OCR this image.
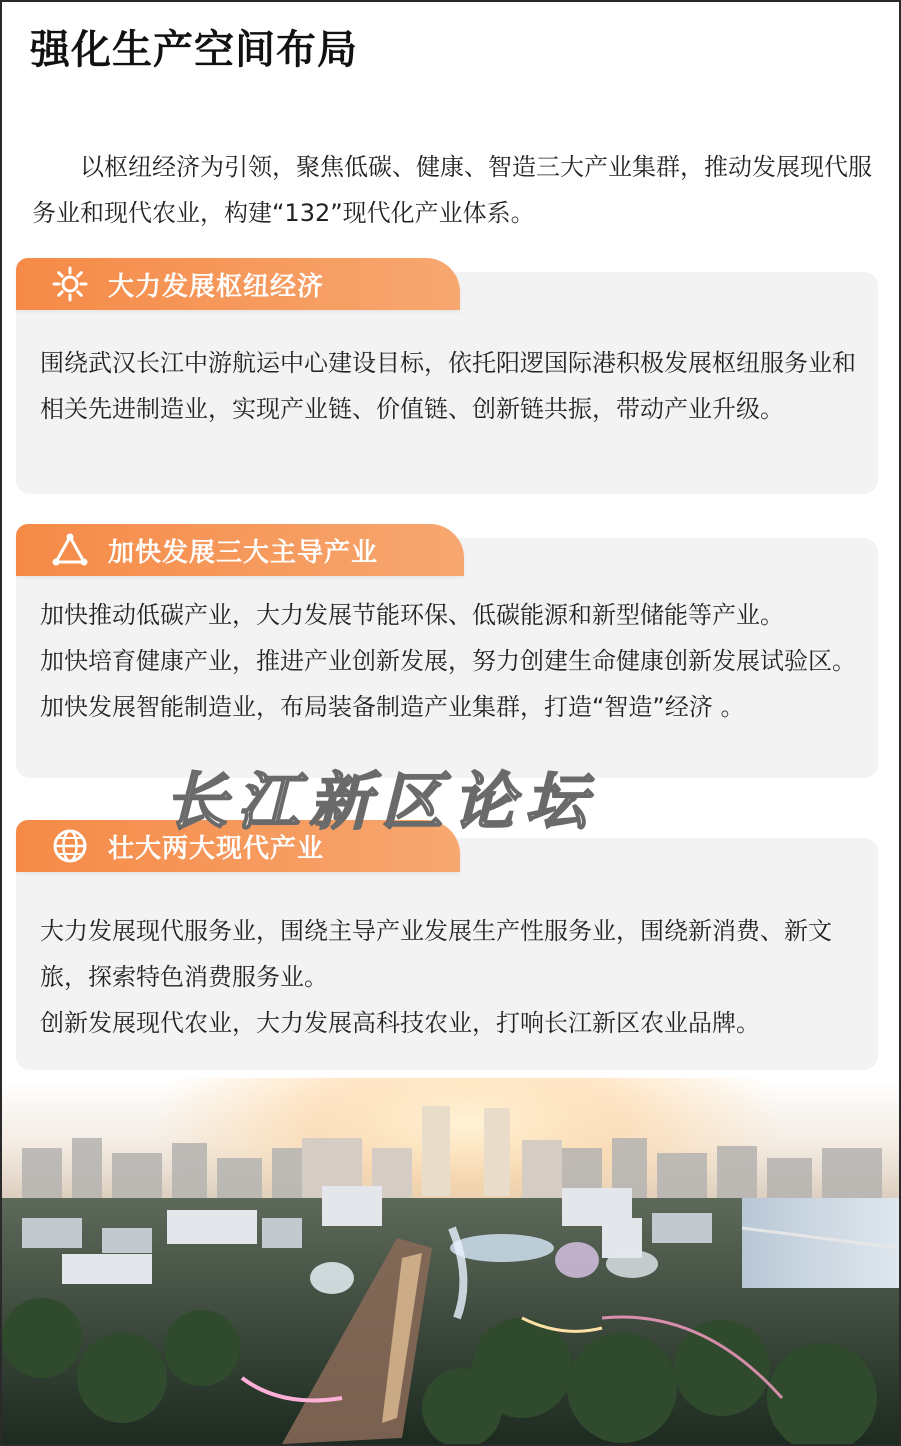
强化生产空间布局

以枢纽经济为引领，聚焦低碳、健康、智造三大产业集群，推动发展现代服务业和现代农业，构建“132”现代化产业体系。

大力发展枢纽经济

围绕武汉长江中游航运中心建设目标，依托阳逻国际港积极发展枢纽服务业和相关先进制造业，实现产业链、价值链、创新链共振，带动产业升级。

加快发展三大主导产业

加快推动低碳产业，大力发展节能环保、低碳能源和新型储能等产业。

加快培育健康产业，推进产业创新发展，努力创建生命健康创新发展试验区。

加快发展智能制造业，布局装备制造产业集群，打造“智造”经济 。

壮大两大现代产业

大力发展现代服务业，围绕主导产业发展生产性服务业，围绕新消费、新文旅，探索特色消费服务业。

创新发展现代农业，大力发展高科技农业，打响长江新区农业品牌。

长江新区论坛
